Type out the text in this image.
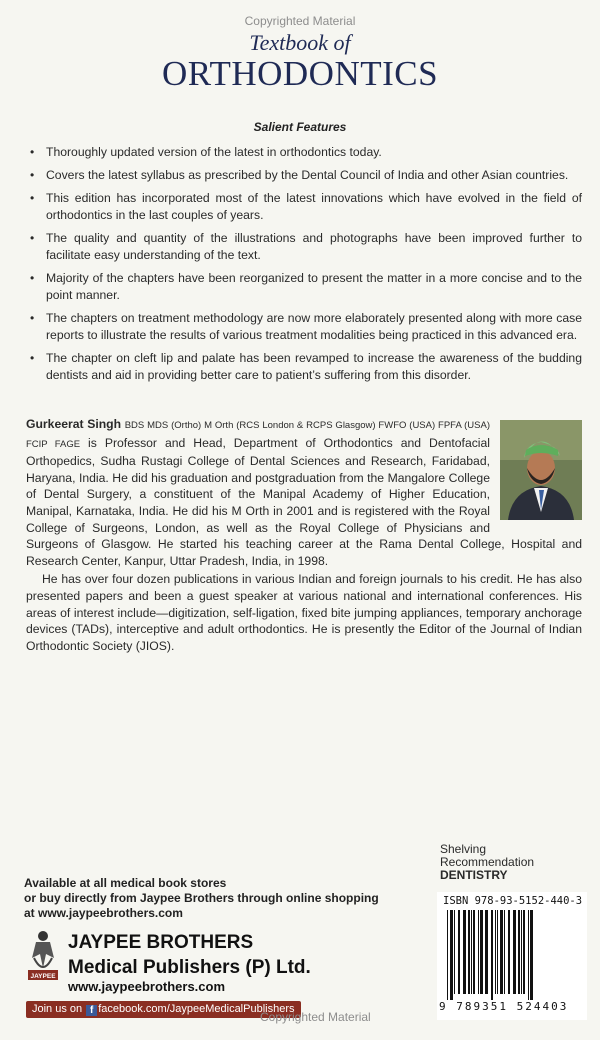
Copyrighted Material
Textbook of
ORTHODONTICS
Salient Features
• Thoroughly updated version of the latest in orthodontics today.
• Covers the latest syllabus as prescribed by the Dental Council of India and other Asian countries.
• This edition has incorporated most of the latest innovations which have evolved in the field of orthodontics in the last couples of years.
• The quality and quantity of the illustrations and photographs have been improved further to facilitate easy understanding of the text.
• Majority of the chapters have been reorganized to present the matter in a more concise and to the point manner.
• The chapters on treatment methodology are now more elaborately presented along with more case reports to illustrate the results of various treatment modalities being practiced in this advanced era.
• The chapter on cleft lip and palate has been revamped to increase the awareness of the budding dentists and aid in providing better care to patient’s suffering from this disorder.

Gurkeerat Singh BDS MDS (Ortho) M Orth (RCS London & RCPS Glasgow) FWFO (USA) FPFA (USA) FCIP FAGE is Professor and Head, Department of Orthodontics and Dentofacial Orthopedics, Sudha Rustagi College of Dental Sciences and Research, Faridabad, Haryana, India. He did his graduation and postgraduation from the Mangalore College of Dental Surgery, a constituent of the Manipal Academy of Higher Education, Manipal, Karnataka, India. He did his M Orth in 2001 and is registered with the Royal College of Surgeons, London, as well as the Royal College of Physicians and Surgeons of Glasgow. He started his teaching career at the Rama Dental College, Hospital and Research Center, Kanpur, Uttar Pradesh, India, in 1998.

He has over four dozen publications in various Indian and foreign journals to his credit. He has also presented papers and been a guest speaker at various national and international conferences. His areas of interest include—digitization, self-ligation, fixed bite jumping appliances, temporary anchorage devices (TADs), interceptive and adult orthodontics. He is presently the Editor of the Journal of Indian Orthodontic Society (JIOS).

Shelving
Recommendation
DENTISTRY
Available at all medical book stores
or buy directly from Jaypee Brothers through online shopping
at www.jaypeebrothers.com
JAYPEE
JAYPEE BROTHERS
Medical Publishers (P) Ltd.
www.jaypeebrothers.com
Join us on f facebook.com/JaypeeMedicalPublishers
Copyrighted Material
ISBN 978-93-5152-440-3
9 789351 524403
